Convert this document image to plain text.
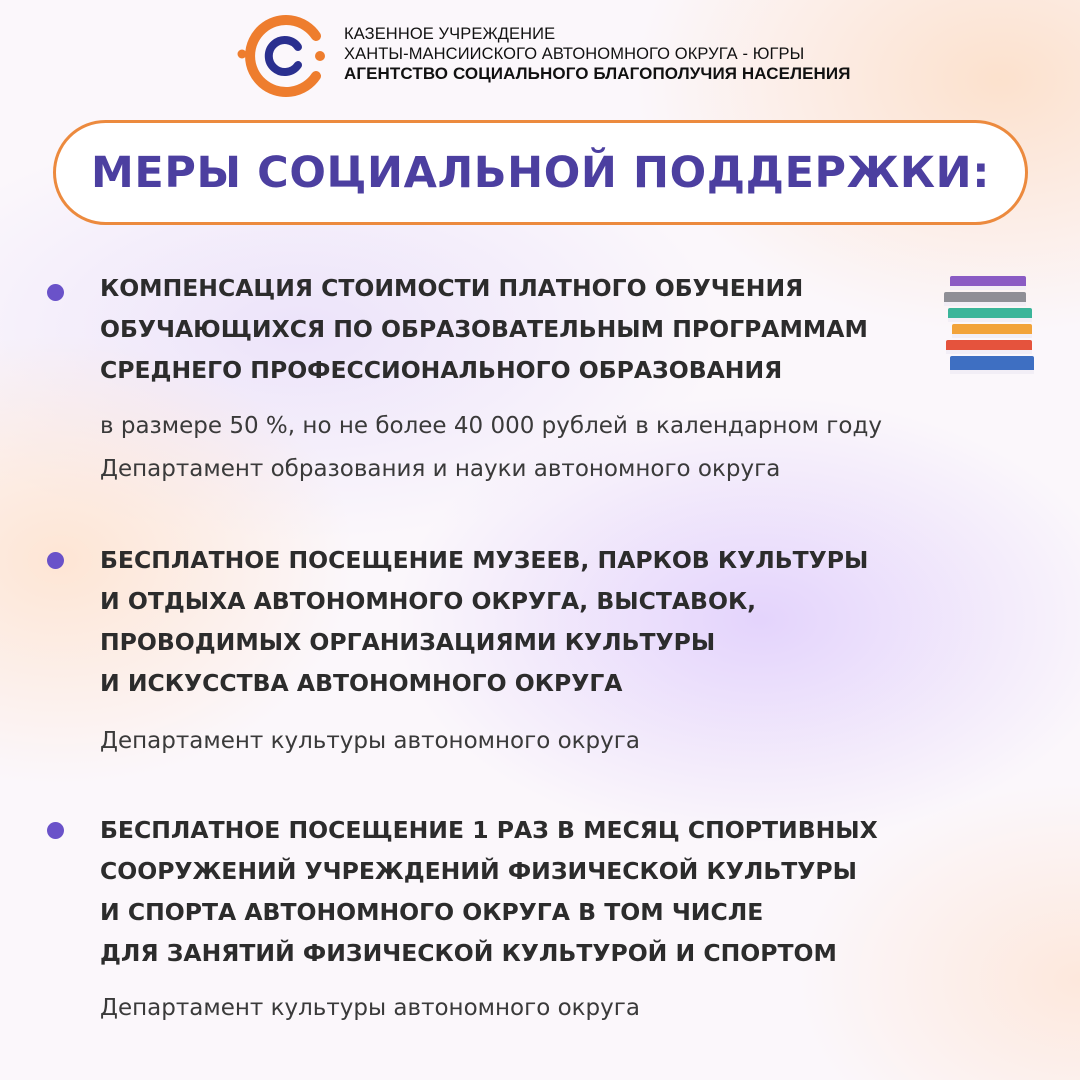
КАЗЕННОЕ УЧРЕЖДЕНИЕ
ХАНТЫ-МАНСИИСКОГО АВТОНОМНОГО ОКРУГА - ЮГРЫ
АГЕНТСТВО СОЦИАЛЬНОГО БЛАГОПОЛУЧИЯ НАСЕЛЕНИЯ
МЕРЫ СОЦИАЛЬНОЙ ПОДДЕРЖКИ:
КОМПЕНСАЦИЯ СТОИМОСТИ ПЛАТНОГО ОБУЧЕНИЯ
ОБУЧАЮЩИХСЯ ПО ОБРАЗОВАТЕЛЬНЫМ ПРОГРАММАМ
СРЕДНЕГО ПРОФЕССИОНАЛЬНОГО ОБРАЗОВАНИЯ
в размере 50 %, но не более 40 000 рублей в календарном году
Департамент образования и науки автономного округа
БЕСПЛАТНОЕ ПОСЕЩЕНИЕ МУЗЕЕВ, ПАРКОВ КУЛЬТУРЫ
И ОТДЫХА АВТОНОМНОГО ОКРУГА, ВЫСТАВОК,
ПРОВОДИМЫХ ОРГАНИЗАЦИЯМИ КУЛЬТУРЫ
И ИСКУССТВА АВТОНОМНОГО ОКРУГА
Департамент культуры автономного округа
БЕСПЛАТНОЕ ПОСЕЩЕНИЕ 1 РАЗ В МЕСЯЦ СПОРТИВНЫХ
СООРУЖЕНИЙ УЧРЕЖДЕНИЙ ФИЗИЧЕСКОЙ КУЛЬТУРЫ
И СПОРТА АВТОНОМНОГО ОКРУГА В ТОМ ЧИСЛЕ
ДЛЯ ЗАНЯТИЙ ФИЗИЧЕСКОЙ КУЛЬТУРОЙ И СПОРТОМ
Департамент культуры автономного округа
